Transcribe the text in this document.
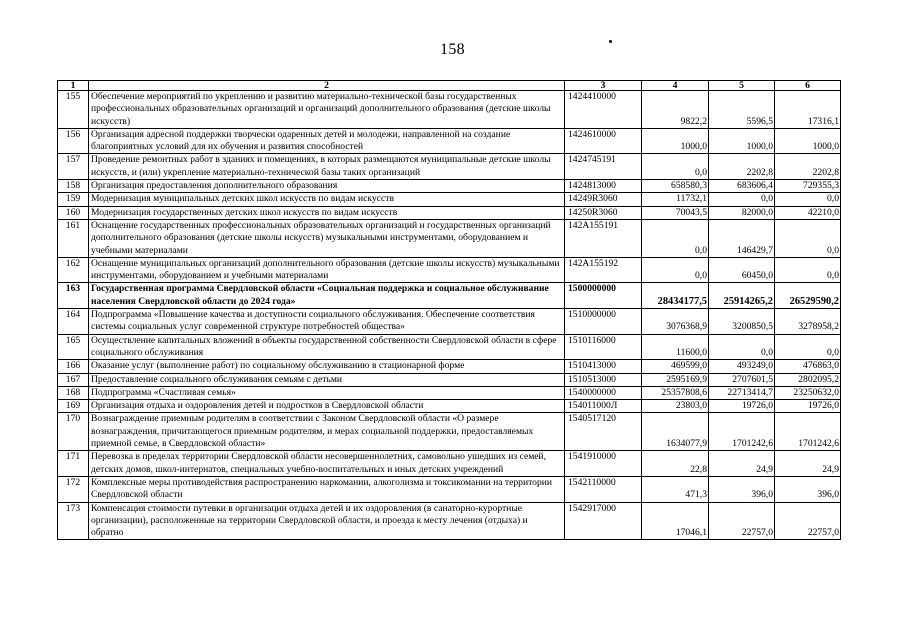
158
1	2	3	4	5	6
155	Обеспечение мероприятий по укреплению и развитию материально-технической базы государственных профессиональных образовательных организаций и организаций дополнительного образования (детские школы искусств)	1424410000	9822,2	5596,5	17316,1
156	Организация адресной поддержки творчески одаренных детей и молодежи, направленной на создание благоприятных условий для их обучения и развития способностей	1424610000	1000,0	1000,0	1000,0
157	Проведение ремонтных работ в зданиях и помещениях, в которых размещаются муниципальные детские школы искусств, и (или) укрепление материально-технической базы таких организаций	1424745191	0,0	2202,8	2202,8
158	Организация предоставления дополнительного образования	1424813000	658580,3	683606,4	729355,3
159	Модернизация муниципальных детских школ искусств по видам искусств	14249R3060	11732,1	0,0	0,0
160	Модернизация государственных детских школ искусств по видам искусств	14250R3060	70043,5	82000,0	42210,0
161	Оснащение государственных профессиональных образовательных организаций и государственных организаций дополнительного образования (детские школы искусств) музыкальными инструментами, оборудованием и учебными материалами	142A155191	0,0	146429,7	0,0
162	Оснащение муниципальных организаций дополнительного образования (детские школы искусств) музыкальными инструментами, оборудованием и учебными материалами	142A155192	0,0	60450,0	0,0
163	Государственная программа Свердловской области «Социальная поддержка и социальное обслуживание населения Свердловской области до 2024 года»	1500000000	28434177,5	25914265,2	26529590,2
164	Подпрограмма «Повышение качества и доступности социального обслуживания. Обеспечение соответствия системы социальных услуг современной структуре потребностей общества»	1510000000	3076368,9	3200850,5	3278958,2
165	Осуществление капитальных вложений в объекты государственной собственности Свердловской области в сфере социального обслуживания	1510116000	11600,0	0,0	0,0
166	Оказание услуг (выполнение работ) по социальному обслуживанию в стационарной форме	1510413000	469599,0	493249,0	476863,0
167	Предоставление социального обслуживания семьям с детьми	1510513000	2595169,9	2707601,5	2802095,2
168	Подпрограмма «Счастливая семья»	1540000000	25357808,6	22713414,7	23250632,0
169	Организация отдыха и оздоровления детей и подростков в Свердловской области	154011000Л	23803,0	19726,0	19726,0
170	Вознаграждение приемным родителям в соответствии с Законом Свердловской области «О размере вознаграждения, причитающегося приемным родителям, и мерах социальной поддержки, предоставляемых приемной семье, в Свердловской области»	1540517120	1634077,9	1701242,6	1701242,6
171	Перевозка в пределах территории Свердловской области несовершеннолетних, самовольно ушедших из семей, детских домов, школ-интернатов, специальных учебно-воспитательных и иных детских учреждений	1541910000	22,8	24,9	24,9
172	Комплексные меры противодействия распространению наркомании, алкоголизма и токсикомании на территории Свердловской области	1542110000	471,3	396,0	396,0
173	Компенсация стоимости путевки в организации отдыха детей и их оздоровления (в санаторно-курортные организации), расположенные на территории Свердловской области, и проезда к месту лечения (отдыха) и обратно	1542917000	17046,1	22757,0	22757,0
